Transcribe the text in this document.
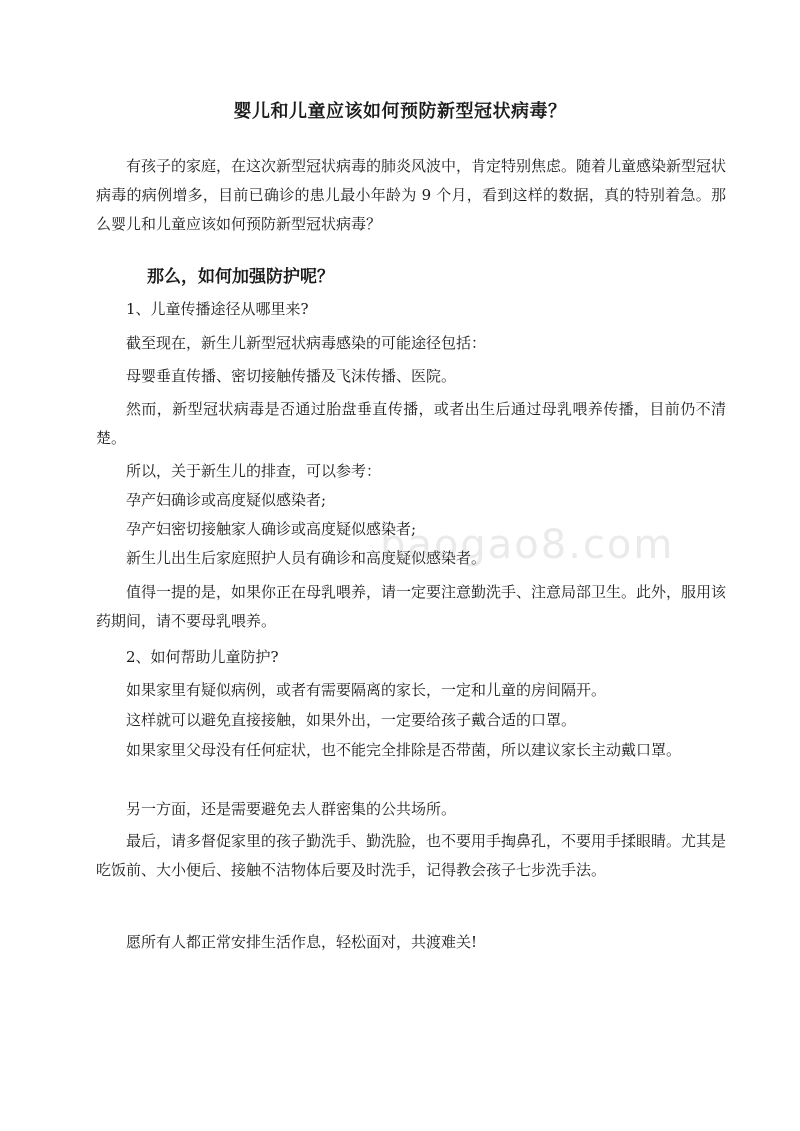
婴儿和儿童应该如何预防新型冠状病毒？
有孩子的家庭，在这次新型冠状病毒的肺炎风波中，肯定特别焦虑。随着儿童感染新型冠状病毒的病例增多，目前已确诊的患儿最小年龄为 9 个月，看到这样的数据，真的特别着急。那么婴儿和儿童应该如何预防新型冠状病毒？
那么，如何加强防护呢？
1、儿童传播途径从哪里来?
截至现在，新生儿新型冠状病毒感染的可能途径包括：
母婴垂直传播、密切接触传播及飞沫传播、医院。
然而，新型冠状病毒是否通过胎盘垂直传播，或者出生后通过母乳喂养传播，目前仍不清楚。
所以，关于新生儿的排查，可以参考：
孕产妇确诊或高度疑似感染者;
孕产妇密切接触家人确诊或高度疑似感染者;
新生儿出生后家庭照护人员有确诊和高度疑似感染者。
值得一提的是，如果你正在母乳喂养，请一定要注意勤洗手、注意局部卫生。此外，服用该药期间，请不要母乳喂养。
2、如何帮助儿童防护?
如果家里有疑似病例，或者有需要隔离的家长，一定和儿童的房间隔开。
这样就可以避免直接接触，如果外出，一定要给孩子戴合适的口罩。
如果家里父母没有任何症状，也不能完全排除是否带菌，所以建议家长主动戴口罩。
另一方面，还是需要避免去人群密集的公共场所。
最后，请多督促家里的孩子勤洗手、勤洗脸，也不要用手掏鼻孔，不要用手揉眼睛。尤其是吃饭前、大小便后、接触不洁物体后要及时洗手，记得教会孩子七步洗手法。
愿所有人都正常安排生活作息，轻松面对，共渡难关!
baogao8.com
